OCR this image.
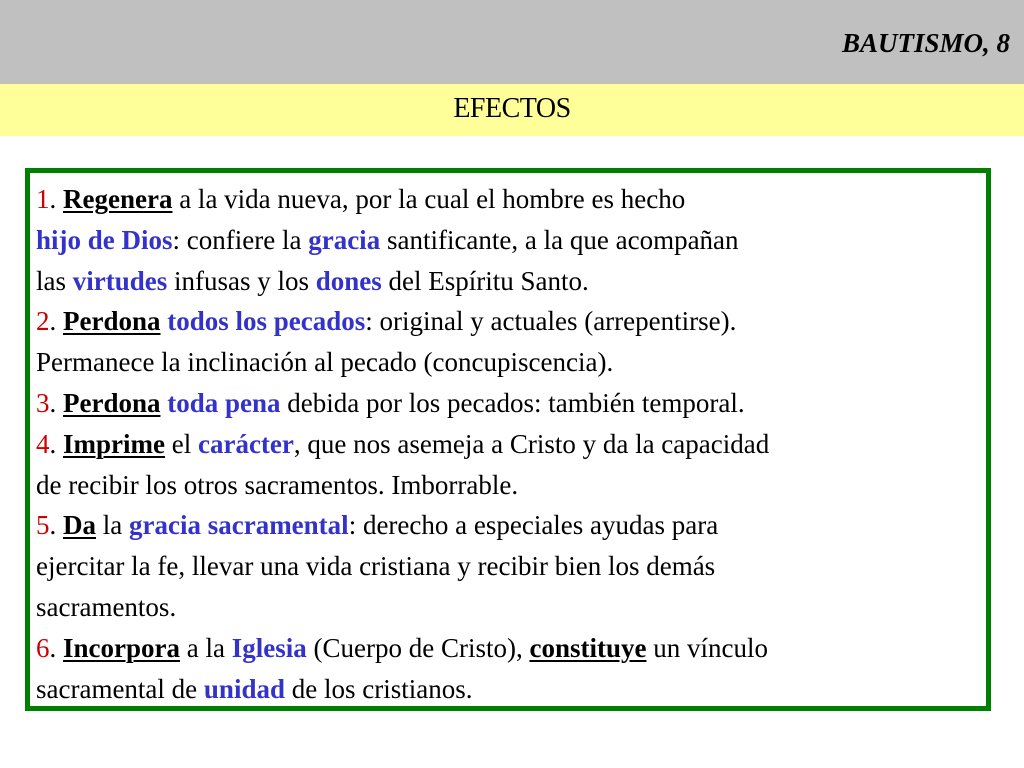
BAUTISMO, 8
EFECTOS
1. Regenera a la vida nueva, por la cual el hombre es hecho
hijo de Dios: confiere la gracia santificante, a la que acompañan
las virtudes infusas y los dones del Espíritu Santo.
2. Perdona todos los pecados: original y actuales (arrepentirse).
Permanece la inclinación al pecado (concupiscencia).
3. Perdona toda pena debida por los pecados: también temporal.
4. Imprime el carácter, que nos asemeja a Cristo y da la capacidad
de recibir los otros sacramentos. Imborrable.
5. Da la gracia sacramental: derecho a especiales ayudas para
ejercitar la fe, llevar una vida cristiana y recibir bien los demás
sacramentos.
6. Incorpora a la Iglesia (Cuerpo de Cristo), constituye un vínculo
sacramental de unidad de los cristianos.
